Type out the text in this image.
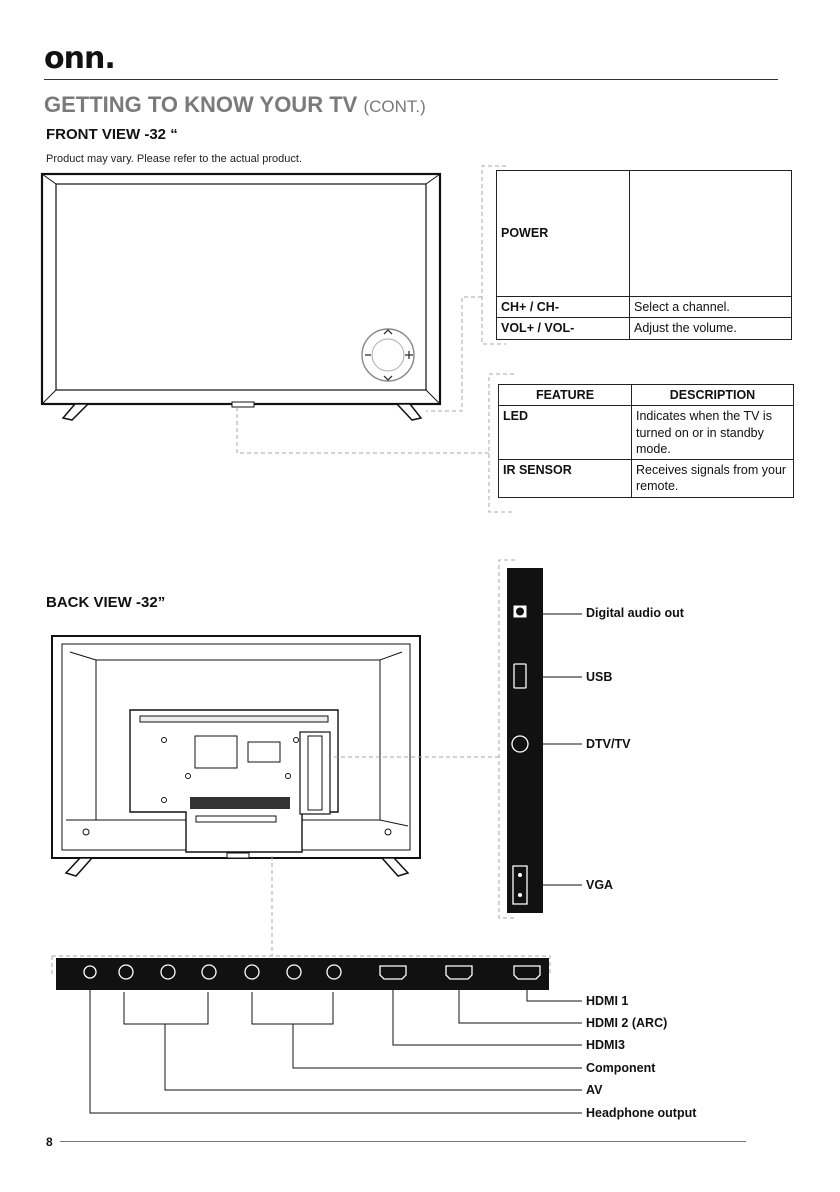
onn.
GETTING TO KNOW YOUR TV (CONT.)
FRONT VIEW -32 “
Product may vary. Please refer to the actual product.
POWER	
CH+ / CH-	Select a channel.
VOL+ / VOL-	Adjust the volume.
FEATURE	DESCRIPTION
LED	Indicates when the TV is turned on or in standby mode.
IR SENSOR	Receives signals from your remote.
BACK VIEW -32”
Digital audio out
USB
DTV/TV
VGA
HDMI 1
HDMI 2 (ARC)
HDMI3
Component
AV
Headphone output
8
